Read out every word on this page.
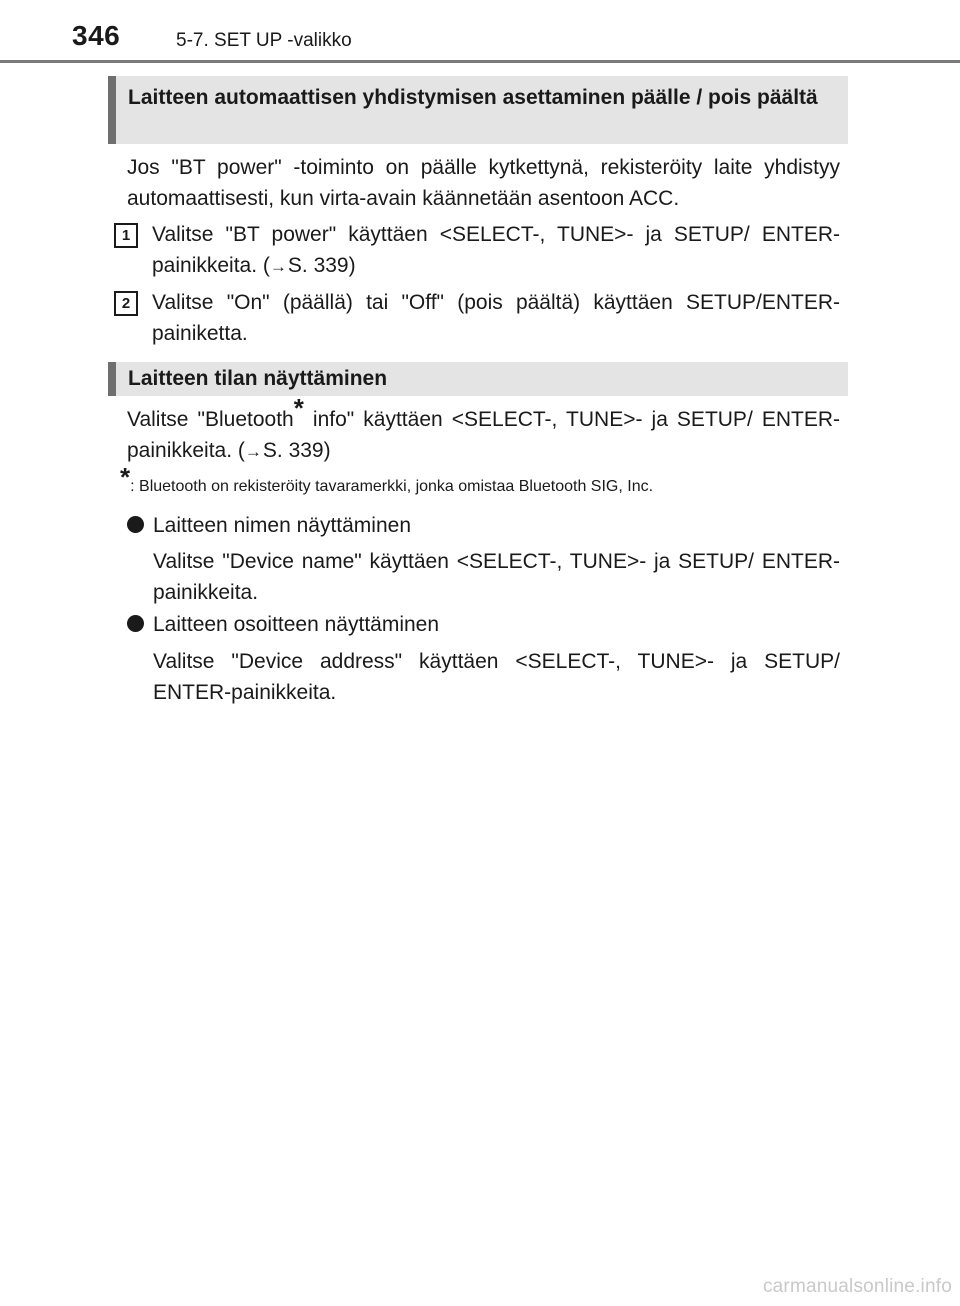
346	5-7. SET UP -valikko
Laitteen automaattisen yhdistymisen asettaminen päälle / pois päältä
Jos "BT power" -toiminto on päälle kytkettynä, rekisteröity laite yhdistyy automaattisesti, kun virta-avain käännetään asentoon ACC.
1	Valitse "BT power" käyttäen <SELECT-, TUNE>- ja SETUP/ ENTER-painikkeita. (→S. 339)
2	Valitse "On" (päällä) tai "Off" (pois päältä) käyttäen SETUP/ENTER-painiketta.
Laitteen tilan näyttäminen
Valitse "Bluetooth* info" käyttäen <SELECT-, TUNE>- ja SETUP/ ENTER-painikkeita. (→S. 339)
*: Bluetooth on rekisteröity tavaramerkki, jonka omistaa Bluetooth SIG, Inc.
Laitteen nimen näyttäminen
Valitse "Device name" käyttäen <SELECT-, TUNE>- ja SETUP/ ENTER-painikkeita.
Laitteen osoitteen näyttäminen
Valitse "Device address" käyttäen <SELECT-, TUNE>- ja SETUP/ ENTER-painikkeita.
carmanualsonline.info
